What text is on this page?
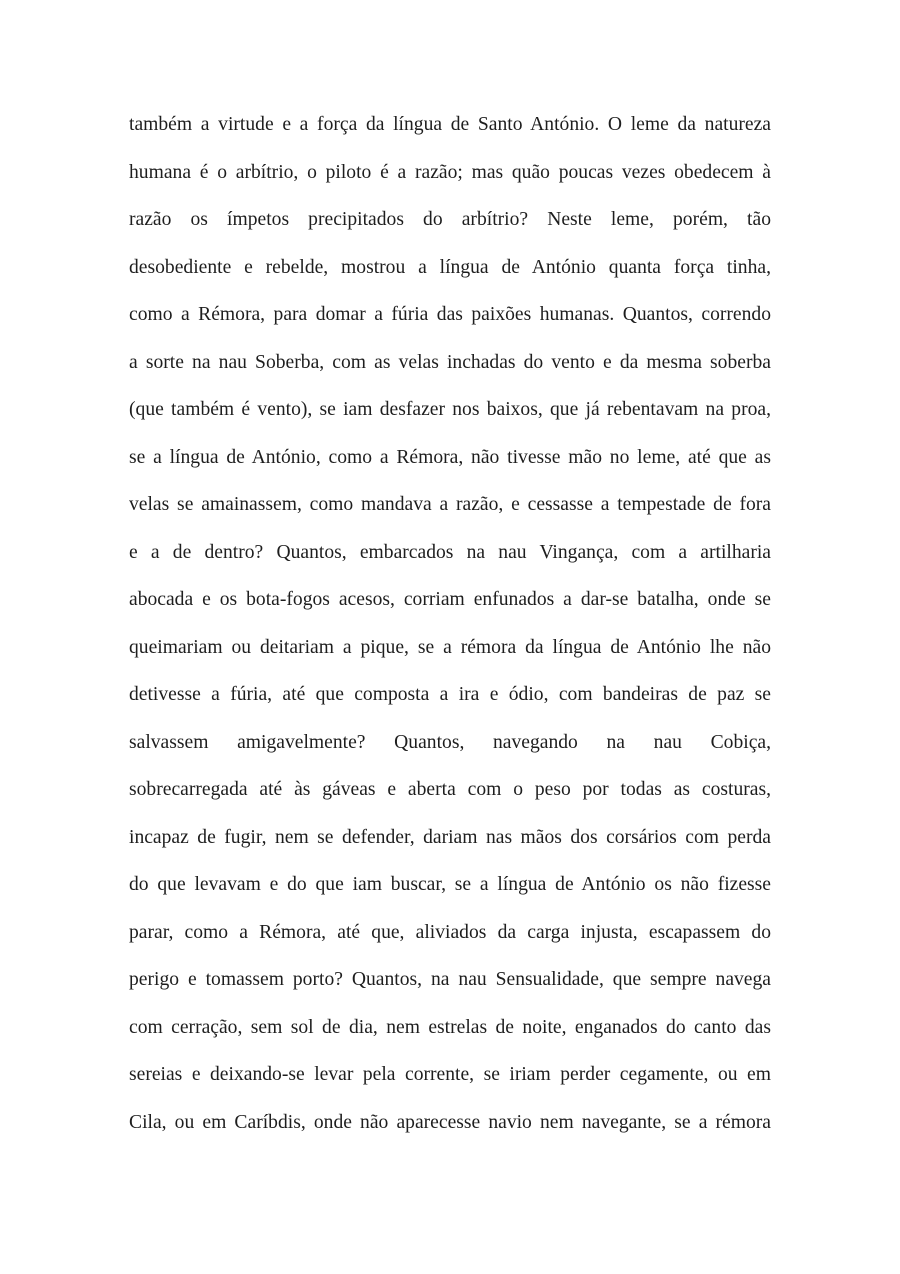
também a virtude e a força da língua de Santo António. O leme da natureza
humana é o arbítrio, o piloto é a razão; mas quão poucas vezes obedecem à
razão os ímpetos precipitados do arbítrio? Neste leme, porém, tão
desobediente e rebelde, mostrou a língua de António quanta força tinha,
como a Rémora, para domar a fúria das paixões humanas. Quantos, correndo
a sorte na nau Soberba, com as velas inchadas do vento e da mesma soberba
(que também é vento), se iam desfazer nos baixos, que já rebentavam na proa,
se a língua de António, como a Rémora, não tivesse mão no leme, até que as
velas se amainassem, como mandava a razão, e cessasse a tempestade de fora
e a de dentro? Quantos, embarcados na nau Vingança, com a artilharia
abocada e os bota-fogos acesos, corriam enfunados a dar-se batalha, onde se
queimariam ou deitariam a pique, se a rémora da língua de António lhe não
detivesse a fúria, até que composta a ira e ódio, com bandeiras de paz se
salvassem amigavelmente? Quantos, navegando na nau Cobiça,
sobrecarregada até às gáveas e aberta com o peso por todas as costuras,
incapaz de fugir, nem se defender, dariam nas mãos dos corsários com perda
do que levavam e do que iam buscar, se a língua de António os não fizesse
parar, como a Rémora, até que, aliviados da carga injusta, escapassem do
perigo e tomassem porto? Quantos, na nau Sensualidade, que sempre navega
com cerração, sem sol de dia, nem estrelas de noite, enganados do canto das
sereias e deixando-se levar pela corrente, se iriam perder cegamente, ou em
Cila, ou em Caríbdis, onde não aparecesse navio nem navegante, se a rémora
